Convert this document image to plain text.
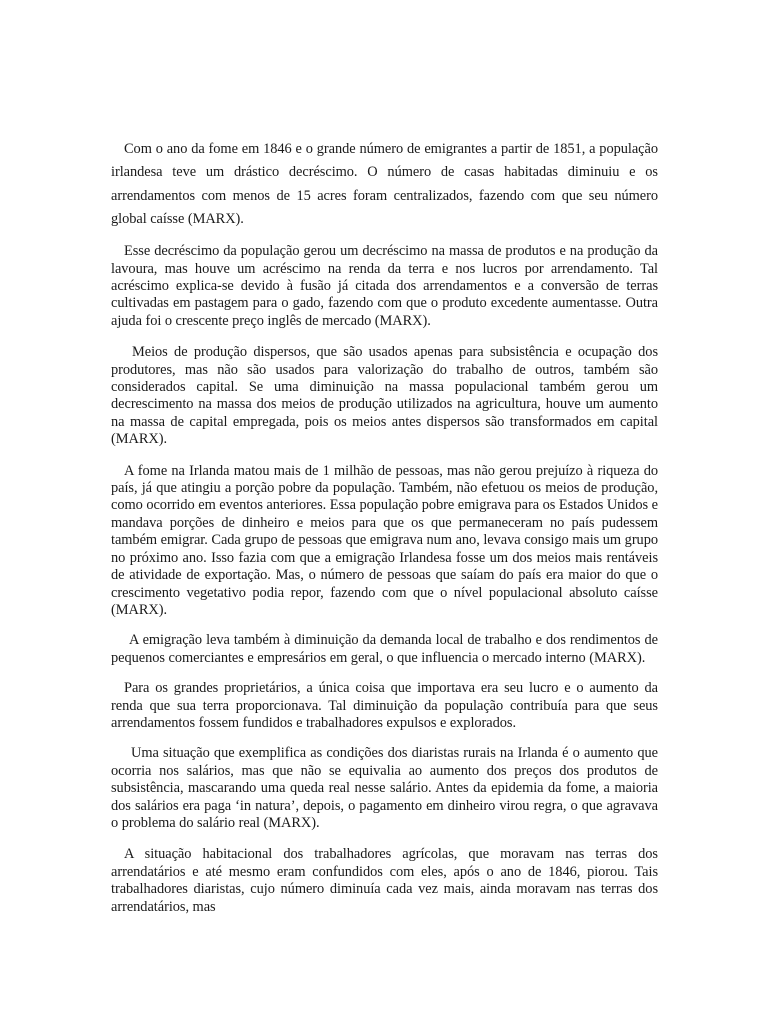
Com o ano da fome em 1846 e o grande número de emigrantes a partir de 1851, a população irlandesa teve um drástico decréscimo. O número de casas habitadas diminuiu e os arrendamentos com menos de 15 acres foram centralizados, fazendo com que seu número global caísse (MARX).

Esse decréscimo da população gerou um decréscimo na massa de produtos e na produção da lavoura, mas houve um acréscimo na renda da terra e nos lucros por arrendamento. Tal acréscimo explica-se devido à fusão já citada dos arrendamentos e a conversão de terras cultivadas em pastagem para o gado, fazendo com que o produto excedente aumentasse. Outra ajuda foi o crescente preço inglês de mercado (MARX).

Meios de produção dispersos, que são usados apenas para subsistência e ocupação dos produtores, mas não são usados para valorização do trabalho de outros, também são considerados capital. Se uma diminuição na massa populacional também gerou um decrescimento na massa dos meios de produção utilizados na agricultura, houve um aumento na massa de capital empregada, pois os meios antes dispersos são transformados em capital (MARX).

A fome na Irlanda matou mais de 1 milhão de pessoas, mas não gerou prejuízo à riqueza do país, já que atingiu a porção pobre da população. Também, não efetuou os meios de produção, como ocorrido em eventos anteriores. Essa população pobre emigrava para os Estados Unidos e mandava porções de dinheiro e meios para que os que permaneceram no país pudessem também emigrar. Cada grupo de pessoas que emigrava num ano, levava consigo mais um grupo no próximo ano. Isso fazia com que a emigração Irlandesa fosse um dos meios mais rentáveis de atividade de exportação. Mas, o número de pessoas que saíam do país era maior do que o crescimento vegetativo podia repor, fazendo com que o nível populacional absoluto caísse (MARX).

A emigração leva também à diminuição da demanda local de trabalho e dos rendimentos de pequenos comerciantes e empresários em geral, o que influencia o mercado interno (MARX).

Para os grandes proprietários, a única coisa que importava era seu lucro e o aumento da renda que sua terra proporcionava. Tal diminuição da população contribuía para que seus arrendamentos fossem fundidos e trabalhadores expulsos e explorados.

Uma situação que exemplifica as condições dos diaristas rurais na Irlanda é o aumento que ocorria nos salários, mas que não se equivalia ao aumento dos preços dos produtos de subsistência, mascarando uma queda real nesse salário. Antes da epidemia da fome, a maioria dos salários era paga ‘in natura’, depois, o pagamento em dinheiro virou regra, o que agravava o problema do salário real (MARX).

A situação habitacional dos trabalhadores agrícolas, que moravam nas terras dos arrendatários e até mesmo eram confundidos com eles, após o ano de 1846, piorou. Tais trabalhadores diaristas, cujo número diminuía cada vez mais, ainda moravam nas terras dos arrendatários, mas
